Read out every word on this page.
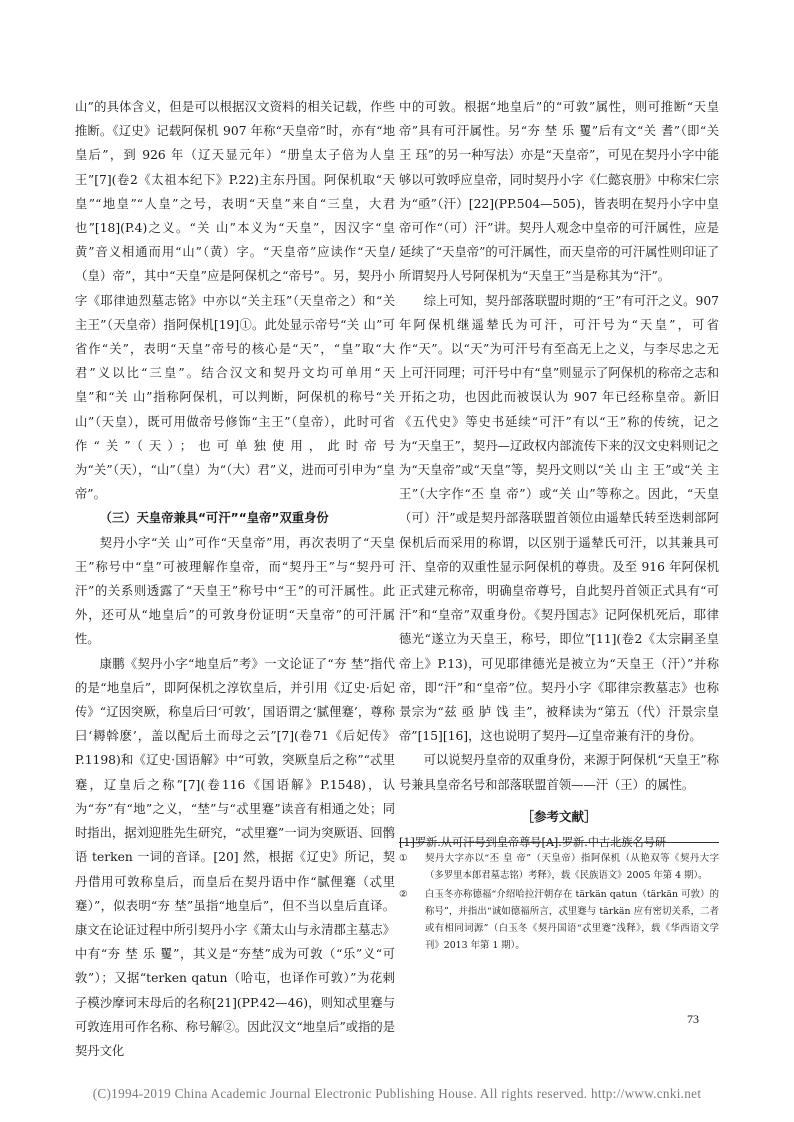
山”的具体含义，但是可以根据汉文资料的相关记载，作些推断。《辽史》记载阿保机 907 年称“天皇帝”时，亦有“地皇后”，到 926 年（辽天显元年）“册皇太子倍为人皇王”[7](卷2《太祖本纪下》P.22)主东丹国。阿保机取“天皇”“地皇”“人皇”之号，表明“天皇”来自“三皇，大君也”[18](P.4)之义。“关 山”本义为“天皇”，因汉字“皇黄”音义相通而用“山”（黄）字。“天皇帝”应读作“天皇/（皇）帝”，其中“天皇”应是阿保机之“帝号”。另，契丹小字《耶律迪烈墓志铭》中亦以“关主珏”（天皇帝之）和“关主王”（天皇帝）指阿保机[19]①。此处显示帝号“关 山”可省作“关”，表明“天皇”帝号的核心是“天”，“皇”取“大君”义以比“三皇”。结合汉文和契丹文均可单用“天皇”和“关 山”指称阿保机，可以判断，阿保机的称号“关 山”（天皇），既可用做帝号修饰“主王”（皇帝），此时可省作“关”（天）；也可单独使用，此时帝号为“关”（天），“山”（皇）为“（大）君”义，进而可引申为“皇帝”。

（三）天皇帝兼具“可汗”“皇帝”双重身份

契丹小字“关 山”可作“天皇帝”用，再次表明了“天皇王”称号中“皇”可被理解作皇帝，而“契丹王”与“契丹可汗”的关系则透露了“天皇王”称号中“王”的可汗属性。此外，还可从“地皇后”的可敦身份证明“天皇帝”的可汗属性。

康鹏《契丹小字“地皇后”考》一文论证了“夯 埜”指代的是“地皇后”，即阿保机之淳钦皇后，并引用《辽史·后妃传》“辽因突厥，称皇后曰‘可敦’，国语谓之‘腻俚蹇’，尊称曰‘耨斡麽’，盖以配后土而母之云”[7](卷71《后妃传》P.1198)和《辽史·国语解》中“可敦，突厥皇后之称”“忒里蹇，辽皇后之称”[7](卷116《国语解》P.1548)，认为“夯”有“地”之义，“埜”与“忒里蹇”读音有相通之处；同时指出，据刘迎胜先生研究，“忒里蹇”一词为突厥语、回鹘语 terken 一词的音译。[20] 然，根据《辽史》所记，契丹借用可敦称皇后，而皇后在契丹语中作“腻俚蹇（忒里蹇）”，似表明“夯 埜”虽指“地皇后”，但不当以皇后直译。康文在论证过程中所引契丹小字《萧太山与永清郡主墓志》中有“夯 埜 乐 矍”，其义是“夯埜”成为可敦（“乐”义“可敦”）；又据“terken qatun（哈屯，也译作可敦）”为花剌子模沙摩诃末母后的名称[21](PP.42—46)，则知忒里蹇与可敦连用可作名称、称号解②。因此汉文“地皇后”或指的是契丹文化

中的可敦。根据“地皇后”的“可敦”属性，则可推断“天皇帝”具有可汗属性。另“夯 埜 乐 矍”后有文“关 耆”（即“关 王 珏”的另一种写法）亦是“天皇帝”，可见在契丹小字中能够以可敦呼应皇帝，同时契丹小字《仁懿哀册》中称宋仁宗为“亟”（汗）[22](PP.504—505)，皆表明在契丹小字中皇帝可作“（可）汗”讲。契丹人观念中皇帝的可汗属性，应是延续了“天皇帝”的可汗属性，而天皇帝的可汗属性则印证了所谓契丹人号阿保机为“天皇王”当是称其为“汗”。

综上可知，契丹部落联盟时期的“王”有可汗之义。907 年阿保机继遥辇氏为可汗，可汗号为“天皇”，可省作“天”。以“天”为可汗号有至高无上之义，与李尽忠之无上可汗同理；可汗号中有“皇”则显示了阿保机的称帝之志和开拓之功，也因此而被误认为 907 年已经称皇帝。新旧《五代史》等史书延续“可汗”有以“王”称的传统，记之为“天皇王”，契丹—辽政权内部流传下来的汉文史料则记之为“天皇帝”或“天皇”等，契丹文则以“关 山 主 王”或“关 主 王”（大字作“丕 皇 帝”）或“关 山”等称之。因此，“天皇（可）汗”或是契丹部落联盟首领位由遥辇氏转至迭剌部阿保机后而采用的称谓，以区别于遥辇氏可汗，以其兼具可汗、皇帝的双重性显示阿保机的尊贵。及至 916 年阿保机正式建元称帝，明确皇帝尊号，自此契丹首领正式具有“可汗”和“皇帝”双重身份。《契丹国志》记阿保机死后，耶律德光“遂立为天皇王，称号，即位”[11](卷2《太宗嗣圣皇帝上》P.13)，可见耶律德光是被立为“天皇王（汗）”并称帝，即“汗”和“皇帝”位。契丹小字《耶律宗教墓志》也称景宗为“兹 亟 胪 饯 圭”，被释读为“第五（代）汗景宗皇帝”[15][16]，这也说明了契丹—辽皇帝兼有汗的身份。

可以说契丹皇帝的双重身份，来源于阿保机“天皇王”称号兼具皇帝名号和部落联盟首领——汗（王）的属性。

［参考文献］
[1]罗新.从可汗号到皇帝尊号[A].罗新.中古北族名号研
①	契丹大字亦以“丕 皇 帝”（天皇帝）指阿保机（从艳双等《契丹大字（多罗里本郎君墓志铭）考释》，载《民族语文》2005 年第 4 期）。
②	白玉冬亦称德福“介绍哈拉汗朝存在 tärkän qatun（tärkän 可敦）的称号”，并指出“诚如德福所言，忒里蹇与 tärkän 应有密切关系，二者或有相同词源”（白玉冬《契丹国语“忒里蹇”浅释》，载《华西语文学刊》2013 年第 1 期）。
73
(C)1994-2019 China Academic Journal Electronic Publishing House. All rights reserved. http://www.cnki.net
